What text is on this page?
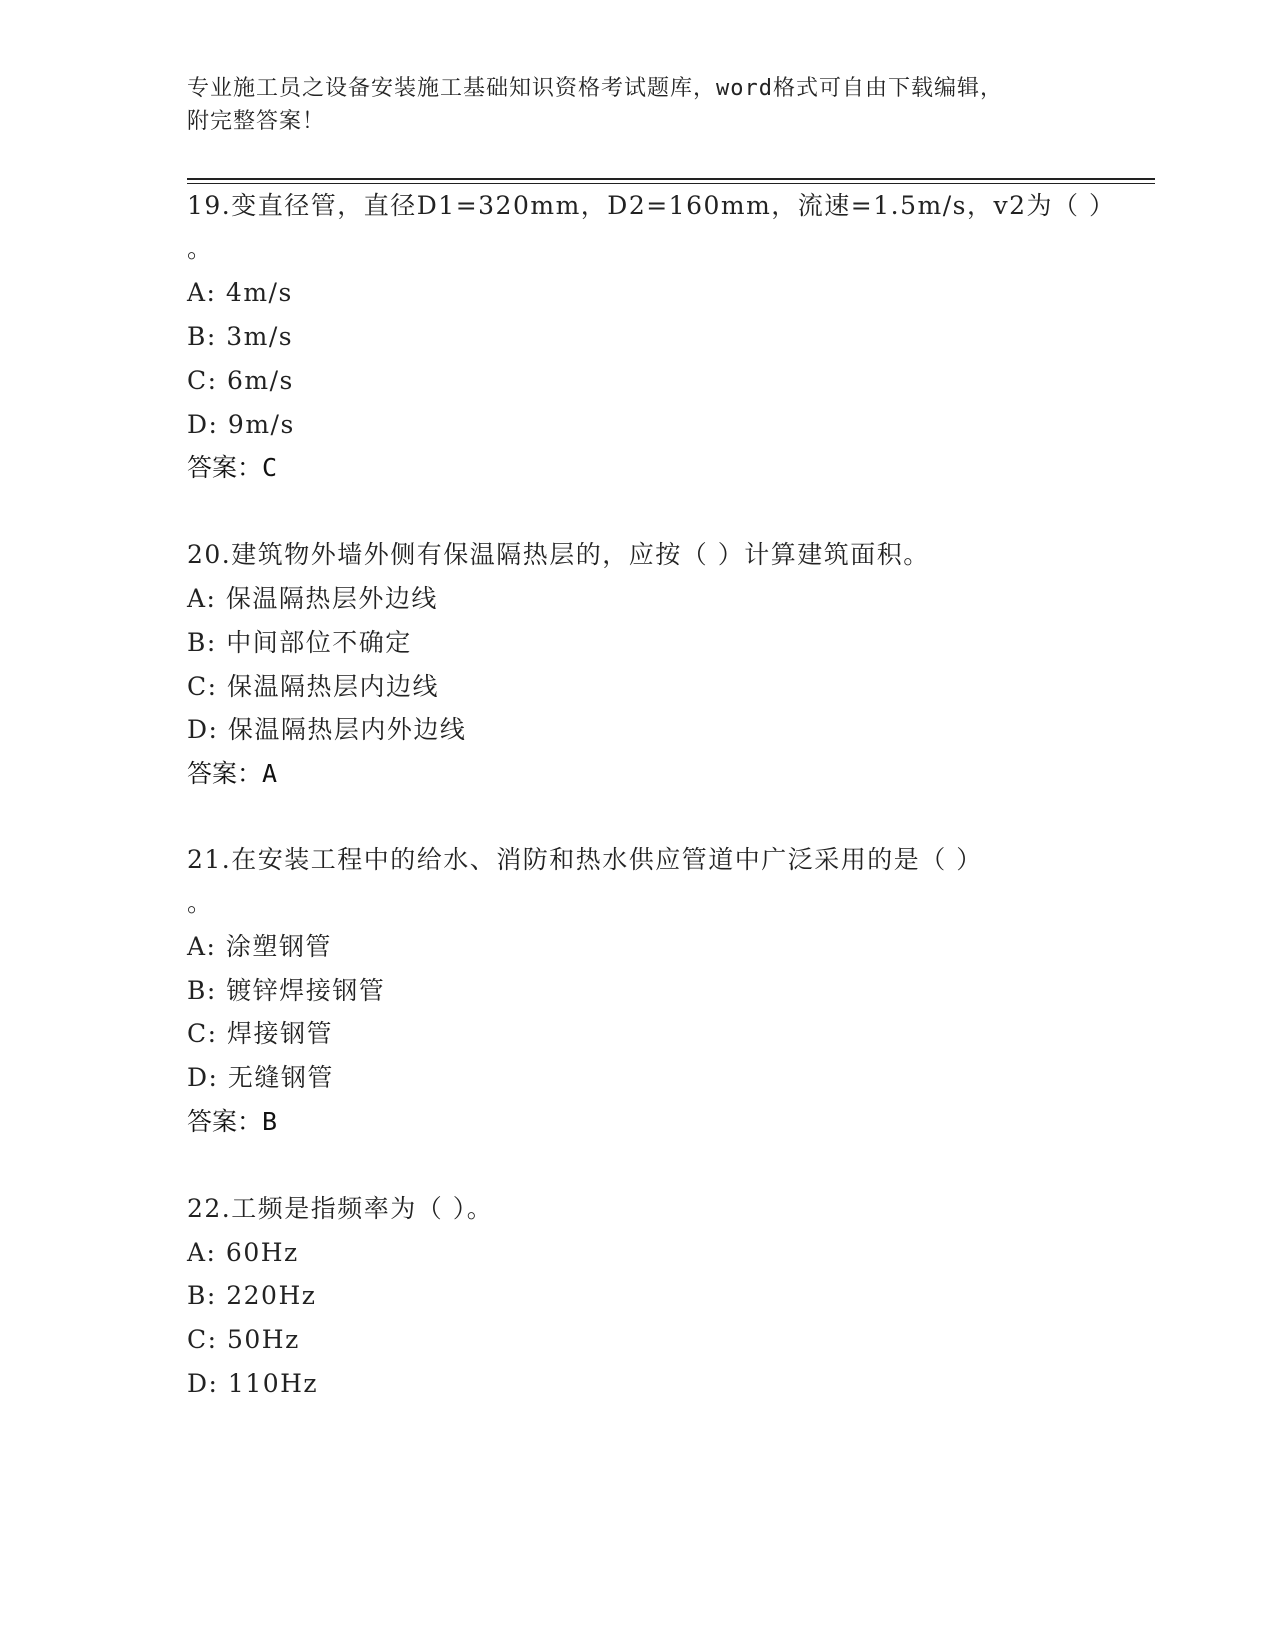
专业施工员之设备安装施工基础知识资格考试题库，word格式可自由下载编辑，
附完整答案！
19.变直径管，直径D1=320mm，D2=160mm，流速=1.5m/s，v2为（ ）
。
A: 4m/s
B: 3m/s
C: 6m/s
D: 9m/s
答案：C
20.建筑物外墙外侧有保温隔热层的，应按（ ）计算建筑面积。
A: 保温隔热层外边线
B: 中间部位不确定
C: 保温隔热层内边线
D: 保温隔热层内外边线
答案：A
21.在安装工程中的给水、消防和热水供应管道中广泛采用的是（ ）
。
A: 涂塑钢管
B: 镀锌焊接钢管
C: 焊接钢管
D: 无缝钢管
答案：B
22.工频是指频率为（ ）。
A: 60Hz
B: 220Hz
C: 50Hz
D: 110Hz
